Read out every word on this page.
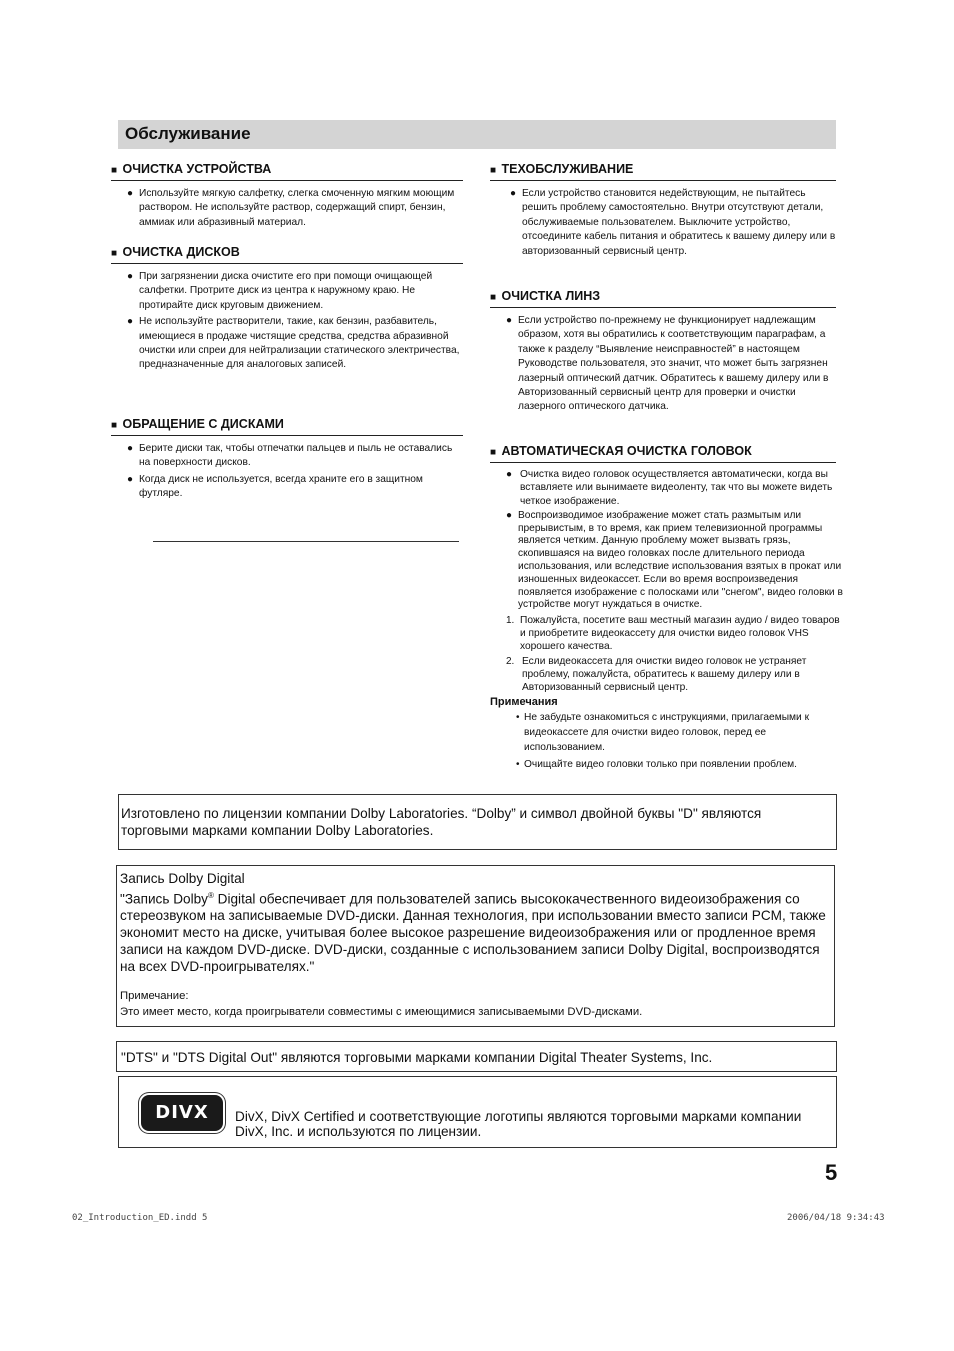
Обслуживание
■ ОЧИСТКА УСТРОЙСТВА
● Используйте мягкую салфетку, слегка смоченную мягким моющим раствором. Не используйте раствор, содержащий спирт, бензин, аммиак или абразивный материал.
■ ОЧИСТКА ДИСКОВ
● При загрязнении диска очистите его при помощи очищающей салфетки. Протрите диск из центра к наружному краю. Не протирайте диск круговым движением.
● Не используйте растворители, такие, как бензин, разбавитель, имеющиеся в продаже чистящие средства, средства абразивной очистки или спреи для нейтрализации статического электричества, предназначенные для аналоговых записей.
■ ОБРАЩЕНИЕ С ДИСКАМИ
● Берите диски так, чтобы отпечатки пальцев и пыль не оставались на поверхности дисков.
● Когда диск не используется, всегда храните его в защитном футляре.
■ ТЕХОБСЛУЖИВАНИЕ
● Если устройство становится недействующим, не пытайтесь решить проблему самостоятельно. Внутри отсутствуют детали, обслуживаемые пользователем. Выключите устройство, отсоедините кабель питания и обратитесь к вашему дилеру или в авторизованный сервисный центр.
■ ОЧИСТКА ЛИНЗ
● Если устройство по-прежнему не функционирует надлежащим образом, хотя вы обратились к соответствующим параграфам, а также к разделу “Выявление неисправностей” в настоящем Руководстве пользователя, это значит, что может быть загрязнен лазерный оптический датчик. Обратитесь к вашему дилеру или в Авторизованный сервисный центр для проверки и очистки лазерного оптического датчика.
■ АВТОМАТИЧЕСКАЯ ОЧИСТКА ГОЛОВОК
● Очистка видео головок осуществляется автоматически, когда вы вставляете или вынимаете видеоленту, так что вы можете видеть четкое изображение.
● Воспроизводимое изображение может стать размытым или прерывистым, в то время, как прием телевизионной программы является четким. Данную проблему может вызвать грязь, скопившаяся на видео головках после длительного периода использования, или вследствие использования взятых в прокат или изношенных видеокассет. Если во время воспроизведения появляется изображение с полосками или "снегом", видео головки в устройстве могут нуждаться в очистке.
1. Пожалуйста, посетите ваш местный магазин аудио / видео товаров и приобретите видеокассету для очистки видео головок VHS хорошего качества.
2. Если видеокассета для очистки видео головок не устраняет проблему, пожалуйста, обратитесь к вашему дилеру или в Авторизованный сервисный центр.
Примечания
• Не забудьте ознакомиться с инструкциями, прилагаемыми к видеокассете для очистки видео головок, перед ее использованием.
• Очищайте видео головки только при появлении проблем.

Изготовлено по лицензии компании Dolby Laboratories. “Dolby” и символ двойной буквы "D" являются торговыми марками компании Dolby Laboratories.

Запись Dolby Digital

"Запись Dolby® Digital обеспечивает для пользователей запись высококачественного видеоизображения со стереозвуком на записываемые DVD-диски. Данная технология, при использовании вместо записи PCM, также экономит место на диске, учитывая более высокое разрешение видеоизображения или ог продленное время записи на каждом DVD-диске. DVD-диски, созданные с использованием записи Dolby Digital, воспроизводятся на всех DVD-проигрывателях."

Примечание:

Это имеет место, когда проигрыватели совместимы с имеющимися записываемыми DVD-дисками.

"DTS" и "DTS Digital Out" являются торговыми марками компании Digital Theater Systems, Inc.

DIVX	DivX, DivX Certified и соответствующие логотипы являются торговыми марками компании DivX, Inc. и используются по лицензии.

5
02_Introduction_ED.indd 5	2006/04/18 9:34:43
